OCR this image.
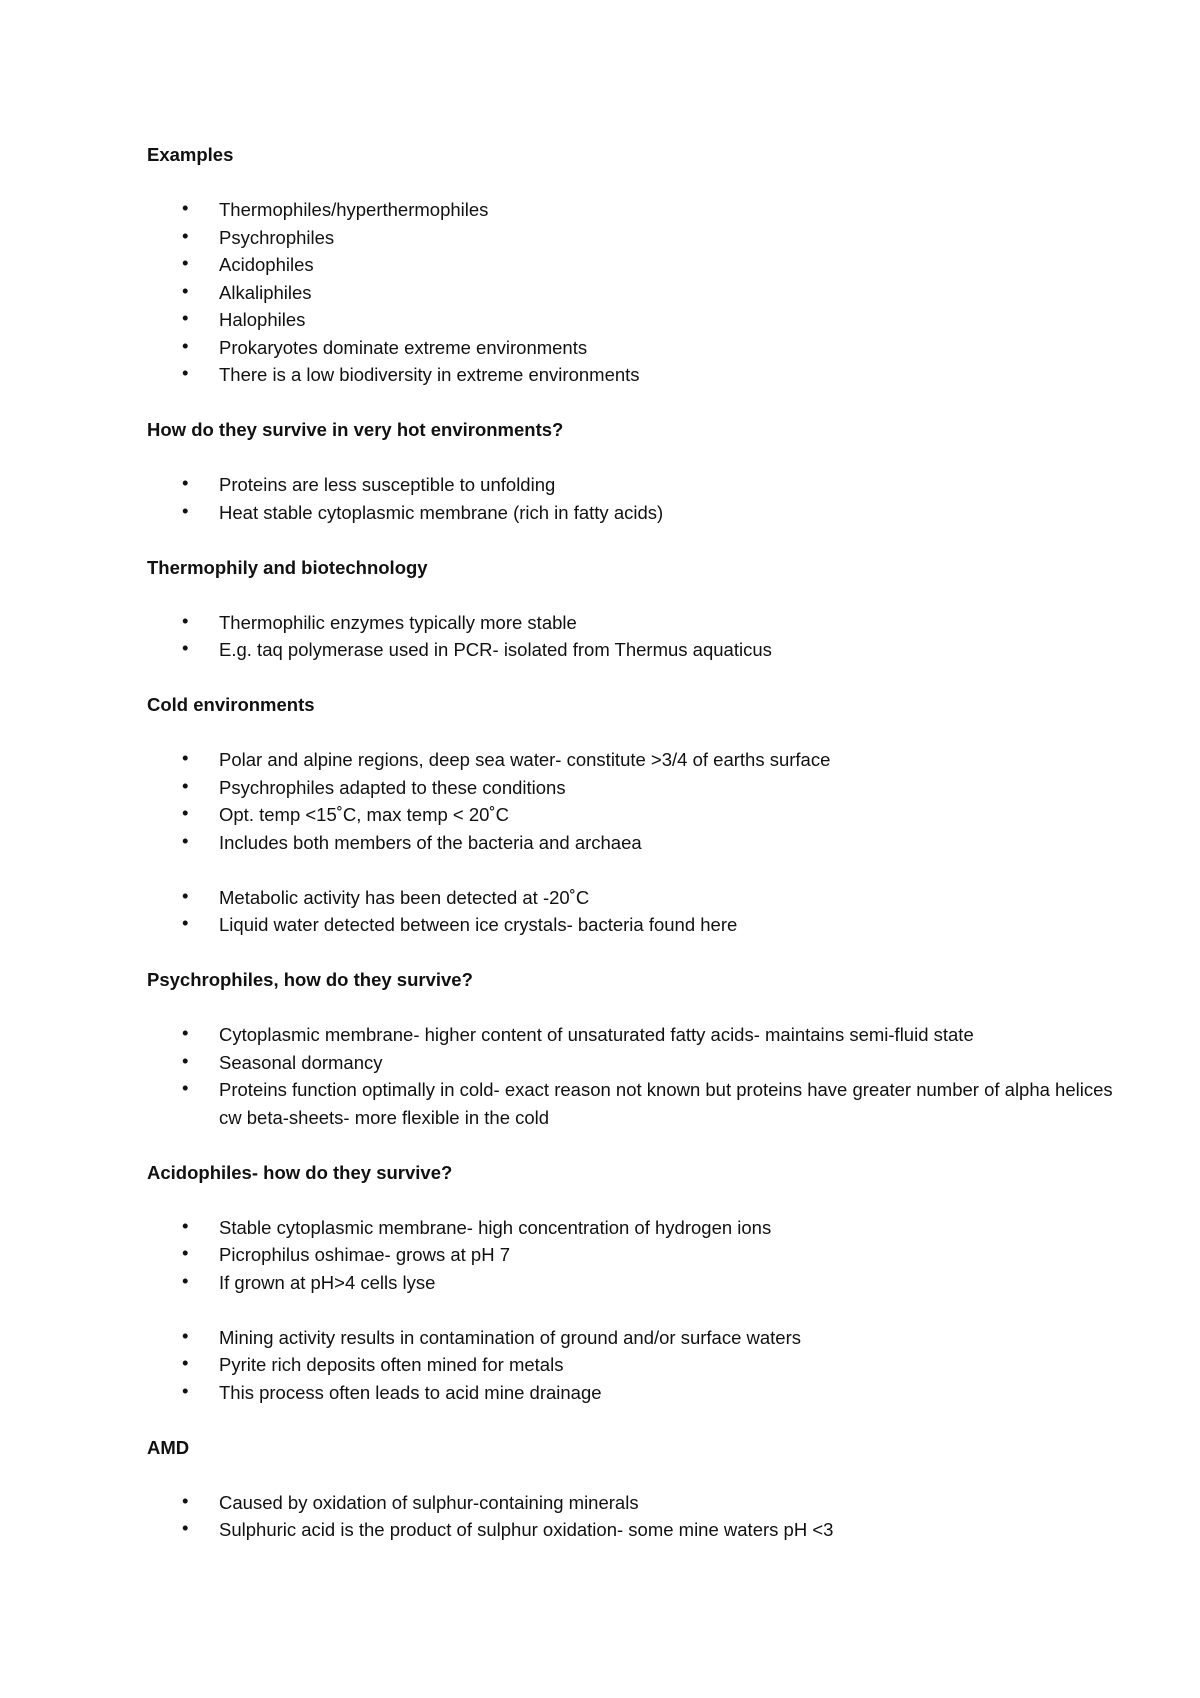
Examples
• Thermophiles/hyperthermophiles
• Psychrophiles
• Acidophiles
• Alkaliphiles
• Halophiles
• Prokaryotes dominate extreme environments
• There is a low biodiversity in extreme environments
How do they survive in very hot environments?
• Proteins are less susceptible to unfolding
• Heat stable cytoplasmic membrane (rich in fatty acids)
Thermophily and biotechnology
• Thermophilic enzymes typically more stable
• E.g. taq polymerase used in PCR- isolated from Thermus aquaticus
Cold environments
• Polar and alpine regions, deep sea water- constitute >3/4 of earths surface
• Psychrophiles adapted to these conditions
• Opt. temp <15˚C, max temp < 20˚C
• Includes both members of the bacteria and archaea
• Metabolic activity has been detected at -20˚C
• Liquid water detected between ice crystals- bacteria found here
Psychrophiles, how do they survive?
• Cytoplasmic membrane- higher content of unsaturated fatty acids- maintains semi-fluid state
• Seasonal dormancy
• Proteins function optimally in cold- exact reason not known but proteins have greater number of alpha helices cw beta-sheets- more flexible in the cold
Acidophiles- how do they survive?
• Stable cytoplasmic membrane- high concentration of hydrogen ions
• Picrophilus oshimae- grows at pH 7
• If grown at pH>4 cells lyse
• Mining activity results in contamination of ground and/or surface waters
• Pyrite rich deposits often mined for metals
• This process often leads to acid mine drainage
AMD
• Caused by oxidation of sulphur-containing minerals
• Sulphuric acid is the product of sulphur oxidation- some mine waters pH <3
